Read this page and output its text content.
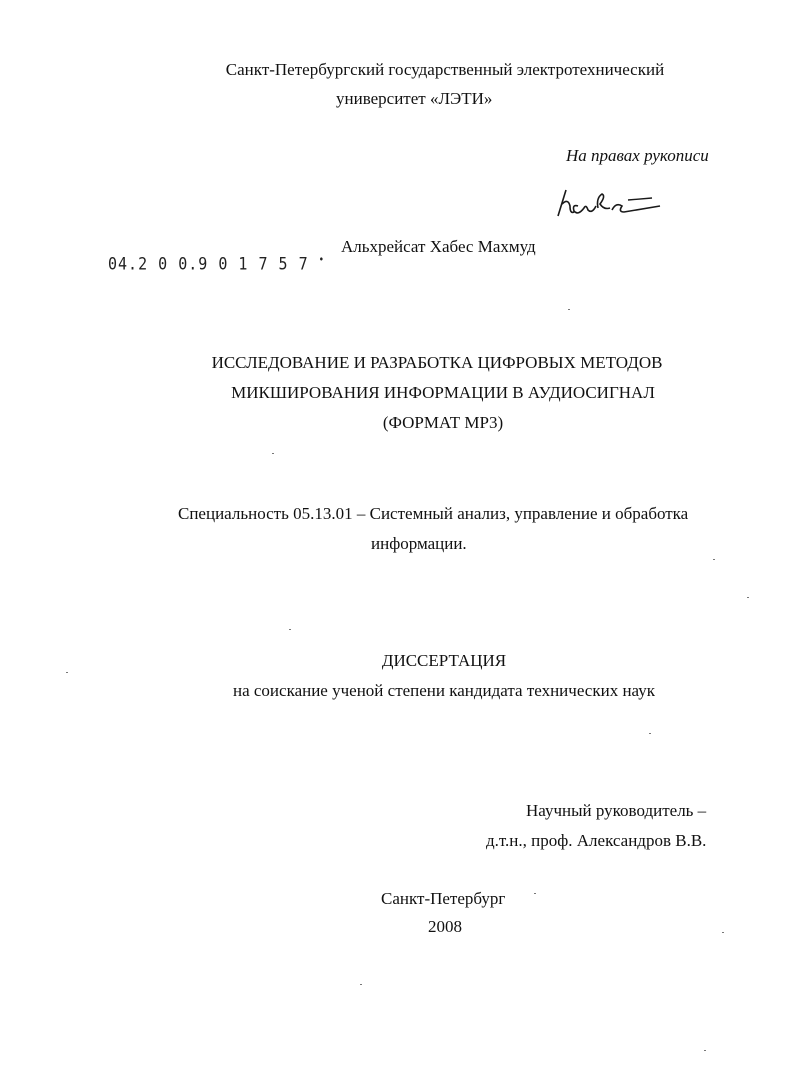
Санкт-Петербургский государственный электротехнический
университет «ЛЭТИ»
На правах рукописи
04.2 0 0.9 0 1 7 5 7 •
Альхрейсат Хабес Махмуд
ИССЛЕДОВАНИЕ И РАЗРАБОТКА ЦИФРОВЫХ МЕТОДОВ
МИКШИРОВАНИЯ ИНФОРМАЦИИ В АУДИОСИГНАЛ
(ФОРМАТ МР3)
Специальность 05.13.01 – Системный анализ, управление и обработка
информации.
ДИССЕРТАЦИЯ
на соискание ученой степени кандидата технических наук
Научный руководитель –
д.т.н., проф. Александров В.В.
Санкт-Петербург
2008
